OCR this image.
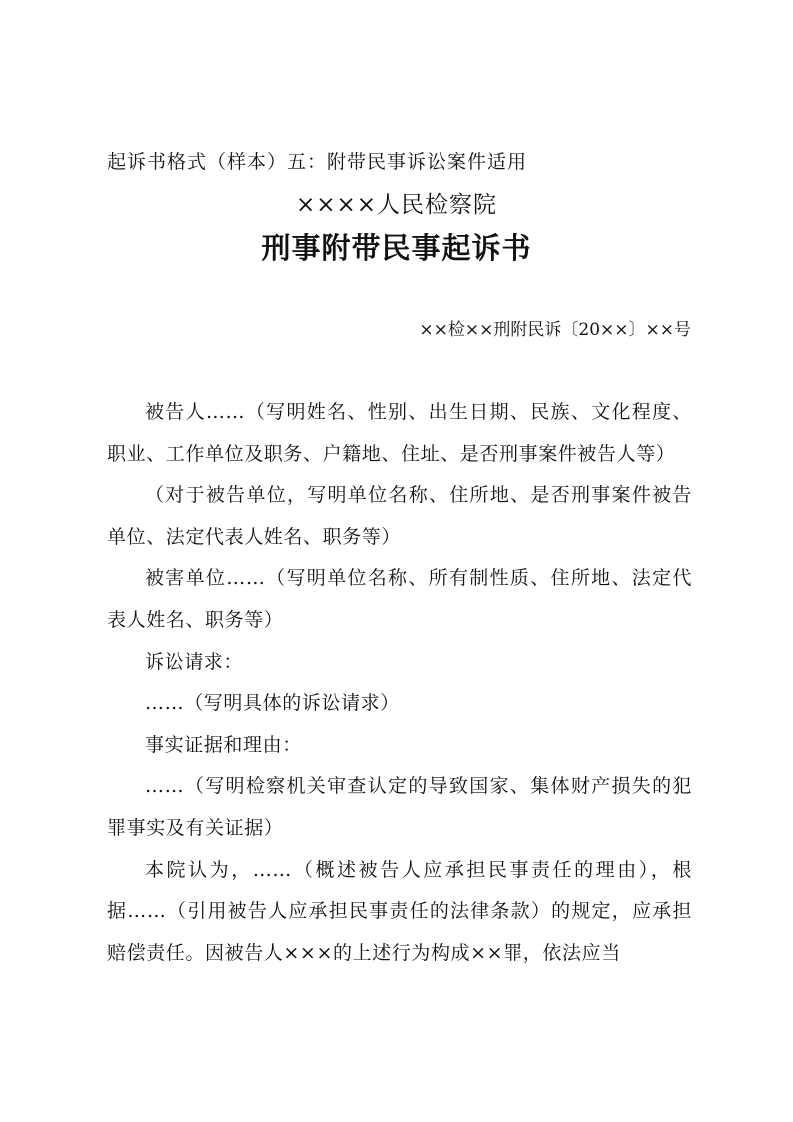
起诉书格式（样本）五：附带民事诉讼案件适用
××××人民检察院
刑事附带民事起诉书
××检××刑附民诉〔20××〕××号

被告人……（写明姓名、性别、出生日期、民族、文化程度、职业、工作单位及职务、户籍地、住址、是否刑事案件被告人等）

（对于被告单位，写明单位名称、住所地、是否刑事案件被告单位、法定代表人姓名、职务等）

被害单位……（写明单位名称、所有制性质、住所地、法定代表人姓名、职务等）

诉讼请求：

……（写明具体的诉讼请求）

事实证据和理由：

……（写明检察机关审查认定的导致国家、集体财产损失的犯罪事实及有关证据）

本院认为，……（概述被告人应承担民事责任的理由），根据……（引用被告人应承担民事责任的法律条款）的规定，应承担赔偿责任。因被告人×××的上述行为构成××罪，依法应当
